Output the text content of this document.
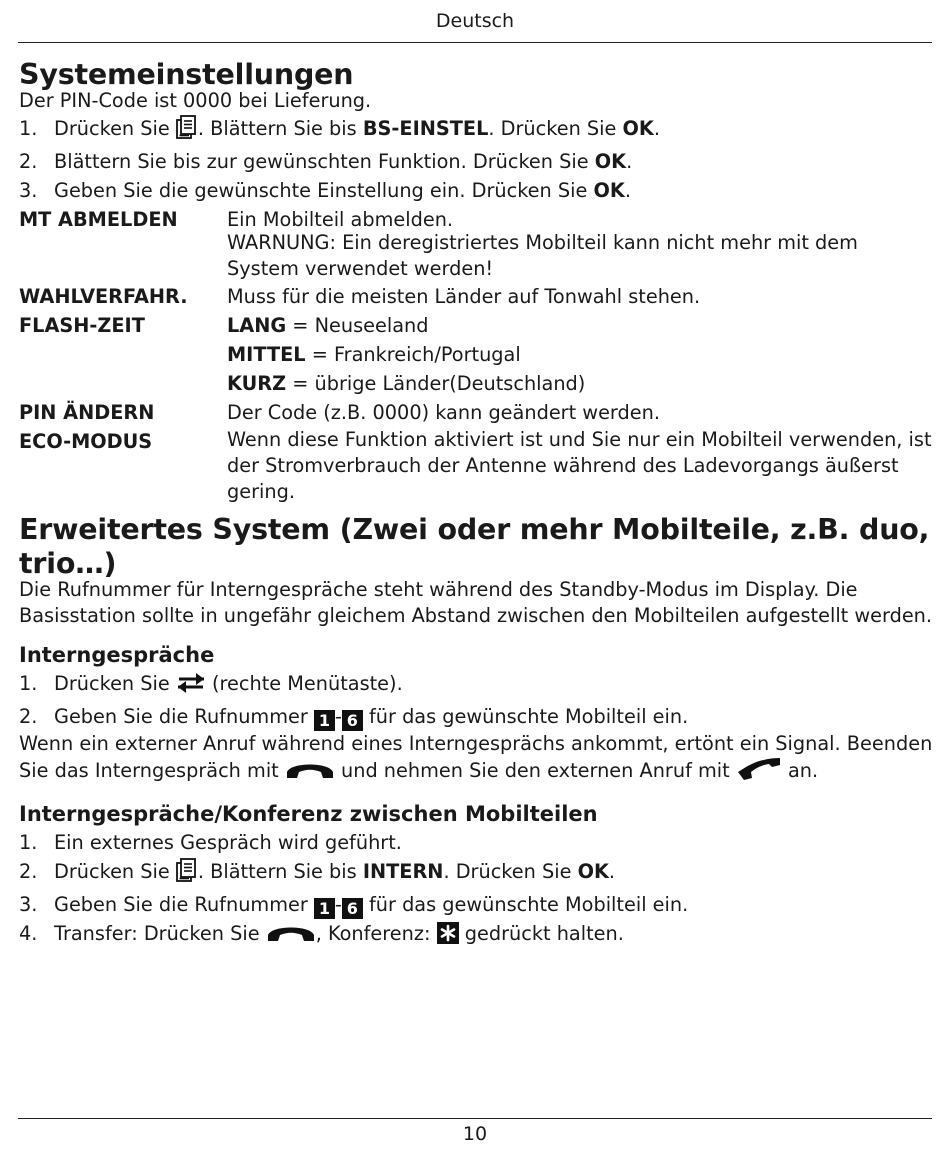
Deutsch
Systemeinstellungen

Der PIN-Code ist 0000 bei Lieferung.

1. Drücken Sie . Blättern Sie bis BS-EINSTEL. Drücken Sie OK.
2. Blättern Sie bis zur gewünschten Funktion. Drücken Sie OK.
3. Geben Sie die gewünschte Einstellung ein. Drücken Sie OK.
MT ABMELDEN	Ein Mobilteil abmelden.
WARNUNG: Ein deregistriertes Mobilteil kann nicht mehr mit dem System verwendet werden!
WAHLVERFAHR.	Muss für die meisten Länder auf Tonwahl stehen.
FLASH-ZEIT	LANG = Neuseeland
MITTEL = Frankreich/Portugal
KURZ = übrige Länder(Deutschland)
PIN ÄNDERN	Der Code (z.B. 0000) kann geändert werden.
ECO-MODUS	Wenn diese Funktion aktiviert ist und Sie nur ein Mobilteil verwenden, ist der Stromverbrauch der Antenne während des Ladevorgangs äußerst gering.
Erweitertes System (Zwei oder mehr Mobilteile, z.B. duo, trio…)

Die Rufnummer für Interngespräche steht während des Standby-Modus im Display. Die Basisstation sollte in ungefähr gleichem Abstand zwischen den Mobilteilen aufgestellt werden.

Interngespräche
1. Drücken Sie  (rechte Menütaste).
2. Geben Sie die Rufnummer 1 - 6 für das gewünschte Mobilteil ein.

Wenn ein externer Anruf während eines Interngesprächs ankommt, ertönt ein Signal. Beenden Sie das Interngespräch mit	und nehmen Sie den externen Anruf mit  an.

Interngespräche/Konferenz zwischen Mobilteilen
1. Ein externes Gespräch wird geführt.
2. Drücken Sie . Blättern Sie bis INTERN. Drücken Sie OK.
3. Geben Sie die Rufnummer 1 - 6 für das gewünschte Mobilteil ein.
4. Transfer: Drücken Sie	, Konferenz:
gedrückt halten.
10
